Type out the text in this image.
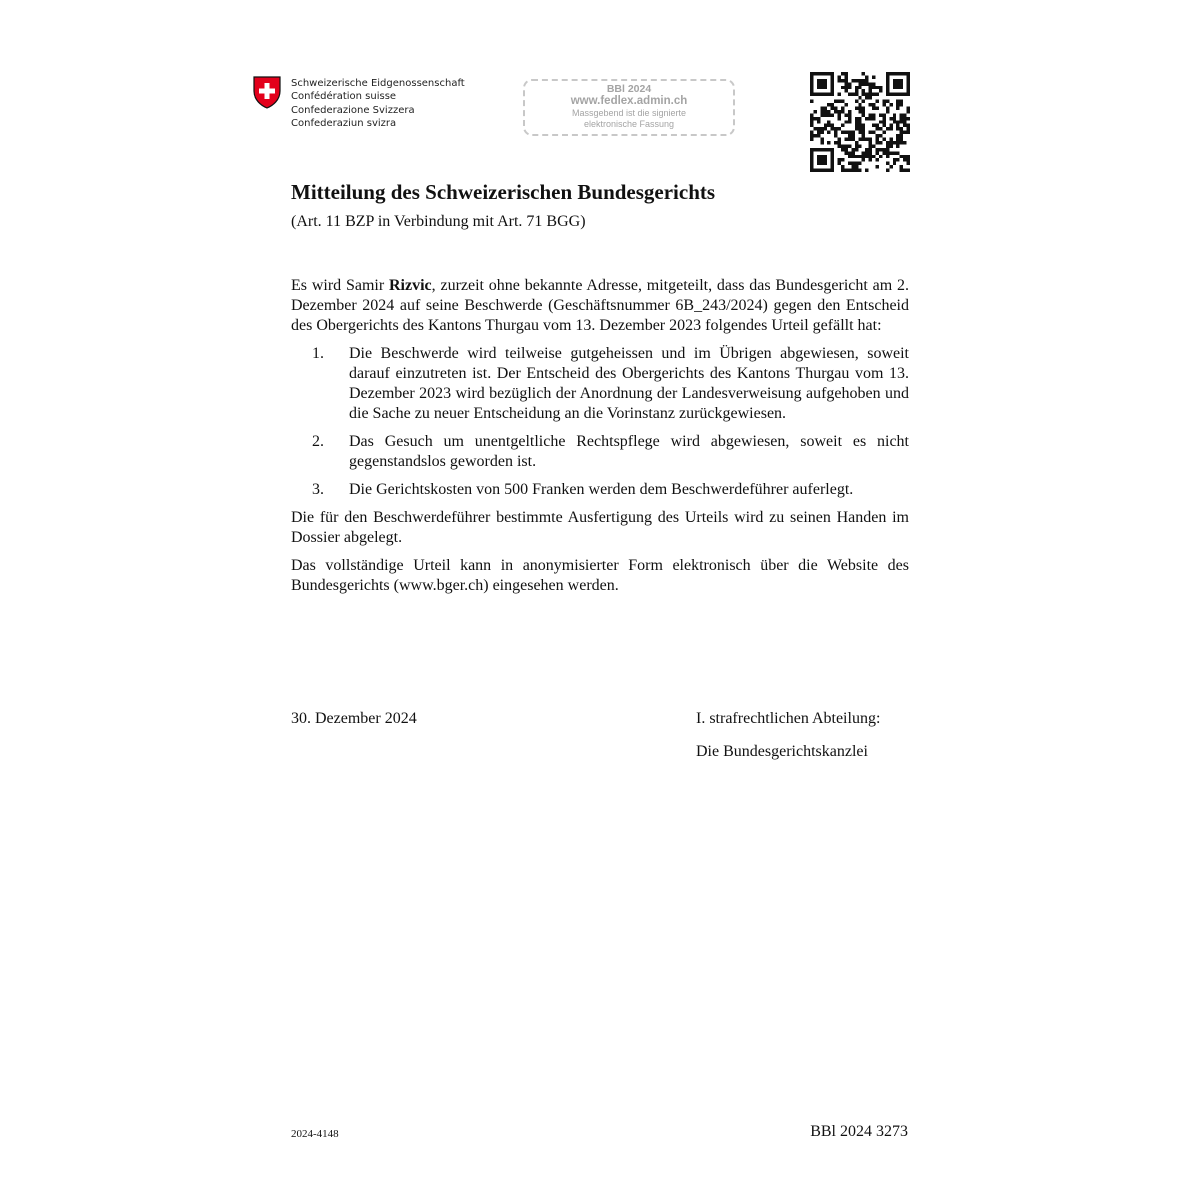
Schweizerische Eidgenossenschaft
Confédération suisse
Confederazione Svizzera
Confederaziun svizra
BBl 2024
www.fedlex.admin.ch
Massgebend ist die signierte
elektronische Fassung
Mitteilung des Schweizerischen Bundesgerichts
(Art. 11 BZP in Verbindung mit Art. 71 BGG)

Es wird Samir Rizvic, zurzeit ohne bekannte Adresse, mitgeteilt, dass das Bundesgericht am 2. Dezember 2024 auf seine Beschwerde (Geschäftsnummer 6B_243/2024) gegen den Entscheid des Obergerichts des Kantons Thurgau vom 13. Dezember 2023 folgendes Urteil gefällt hat:

1. Die Beschwerde wird teilweise gutgeheissen und im Übrigen abgewiesen, soweit darauf einzutreten ist. Der Entscheid des Obergerichts des Kantons Thurgau vom 13. Dezember 2023 wird bezüglich der Anordnung der Landesverweisung aufgehoben und die Sache zu neuer Entscheidung an die Vorinstanz zurückgewiesen.
2. Das Gesuch um unentgeltliche Rechtspflege wird abgewiesen, soweit es nicht gegenstandslos geworden ist.
3. Die Gerichtskosten von 500 Franken werden dem Beschwerdeführer auferlegt.

Die für den Beschwerdeführer bestimmte Ausfertigung des Urteils wird zu seinen Handen im Dossier abgelegt.

Das vollständige Urteil kann in anonymisierter Form elektronisch über die Website des Bundesgerichts (www.bger.ch) eingesehen werden.

30. Dezember 2024	I. strafrechtlichen Abteilung:
Die Bundesgerichtskanzlei
2024-4148	BBl 2024 3273
